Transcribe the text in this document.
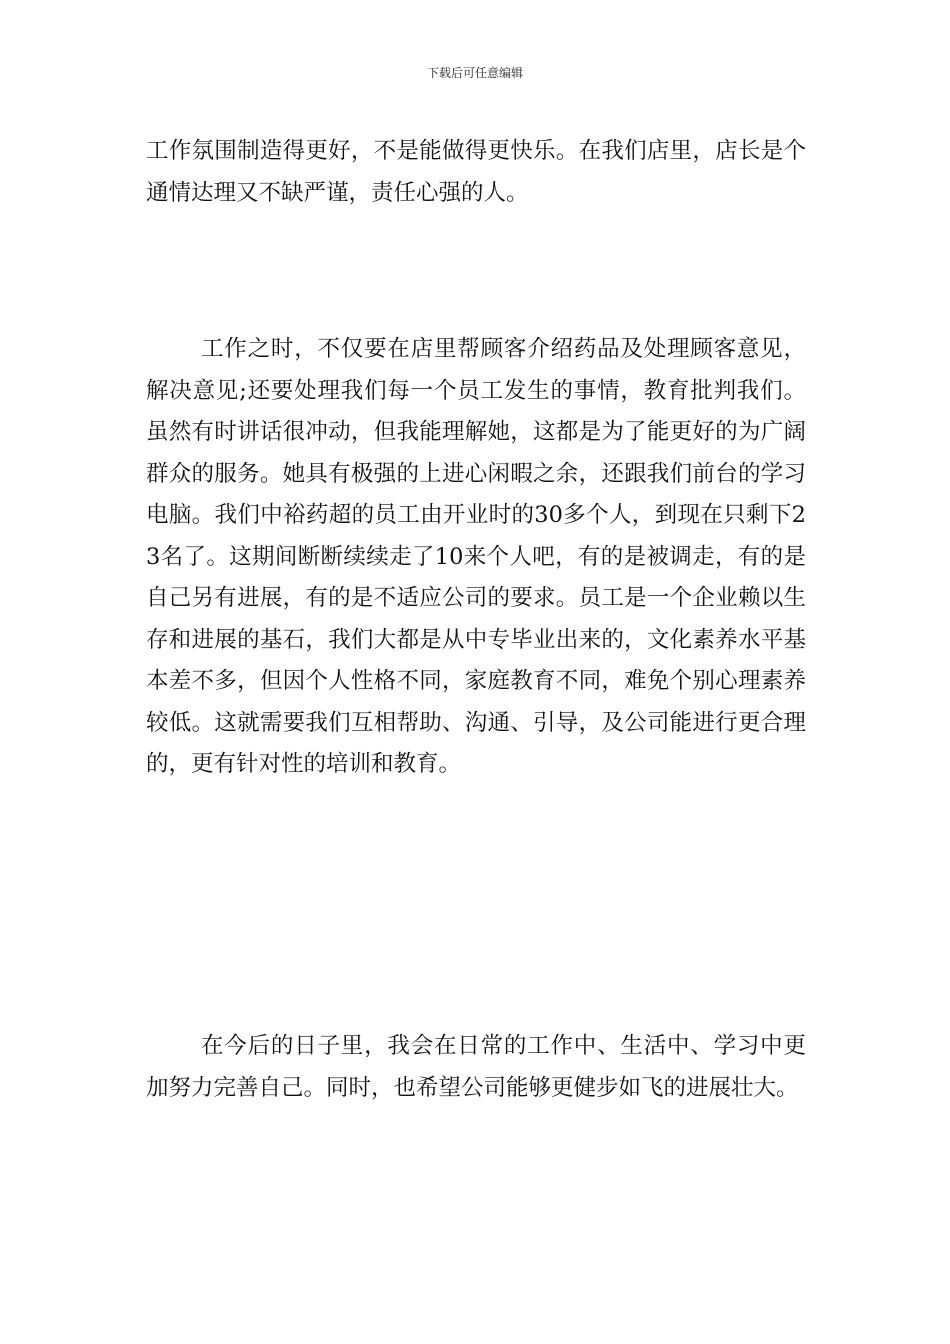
下载后可任意编辑

工作氛围制造得更好，不是能做得更快乐。在我们店里，店长是个通情达理又不缺严谨，责任心强的人。

工作之时，不仅要在店里帮顾客介绍药品及处理顾客意见，解决意见;还要处理我们每一个员工发生的事情，教育批判我们。虽然有时讲话很冲动，但我能理解她，这都是为了能更好的为广阔群众的服务。她具有极强的上进心闲暇之余，还跟我们前台的学习电脑。我们中裕药超的员工由开业时的30多个人，到现在只剩下23名了。这期间断断续续走了10来个人吧，有的是被调走，有的是自己另有进展，有的是不适应公司的要求。员工是一个企业赖以生存和进展的基石，我们大都是从中专毕业出来的，文化素养水平基本差不多，但因个人性格不同，家庭教育不同，难免个别心理素养较低。这就需要我们互相帮助、沟通、引导，及公司能进行更合理的，更有针对性的培训和教育。

在今后的日子里，我会在日常的工作中、生活中、学习中更加努力完善自己。同时，也希望公司能够更健步如飞的进展壮大。
